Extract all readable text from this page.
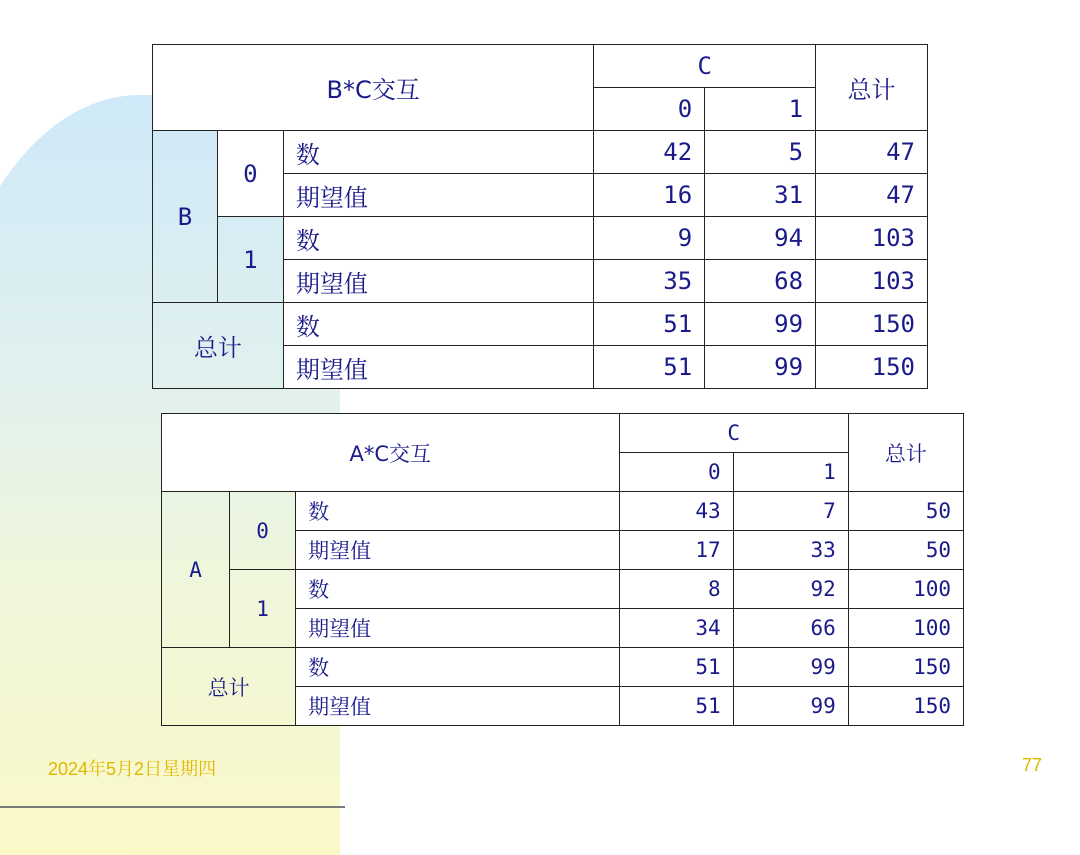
B*C交互			C		总计
			0	1	
B	0	数	42	5	47
		期望值	16	31	47
	1	数	9	94	103
		期望值	35	68	103
总计		数	51	99	150
		期望值	51	99	150
A*C交互			C		总计
			0	1	
A	0	数	43	7	50
		期望值	17	33	50
	1	数	8	92	100
		期望值	34	66	100
总计		数	51	99	150
		期望值	51	99	150
2024年5月2日星期四	77
